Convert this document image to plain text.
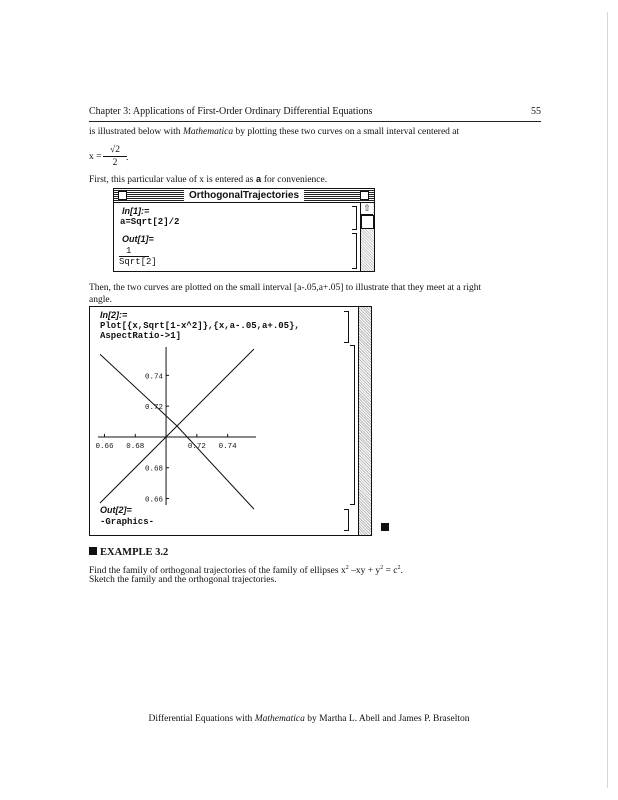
Chapter 3: Applications of First-Order Ordinary Differential Equations	55
is illustrated below with Mathematica by plotting these two curves on a small interval centered at
x =
√2
2 .
First, this particular value of x is entered as a for convenience.
OrthogonalTrajectories
⇧
In[1]:=
a=Sqrt[2]/2
Out[1]=
1
Sqrt[2]
Then, the two curves are plotted on the small interval [a-.05,a+.05] to illustrate that they meet at a right
angle.
In[2]:=
Plot[{x,Sqrt[1-x^2]},{x,a-.05,a+.05},
AspectRatio->1]
0.66 0.68	0.72 0.74
0.74
0.72
0.68
0.66
Out[2]=
-Graphics-
EXAMPLE 3.2
Find the family of orthogonal trajectories of the family of ellipses $x^2$ $-xy + y^2 = c^2$.
Sketch the family and the orthogonal trajectories.
Differential Equations with Mathematica by Martha L. Abell and James P. Braselton
